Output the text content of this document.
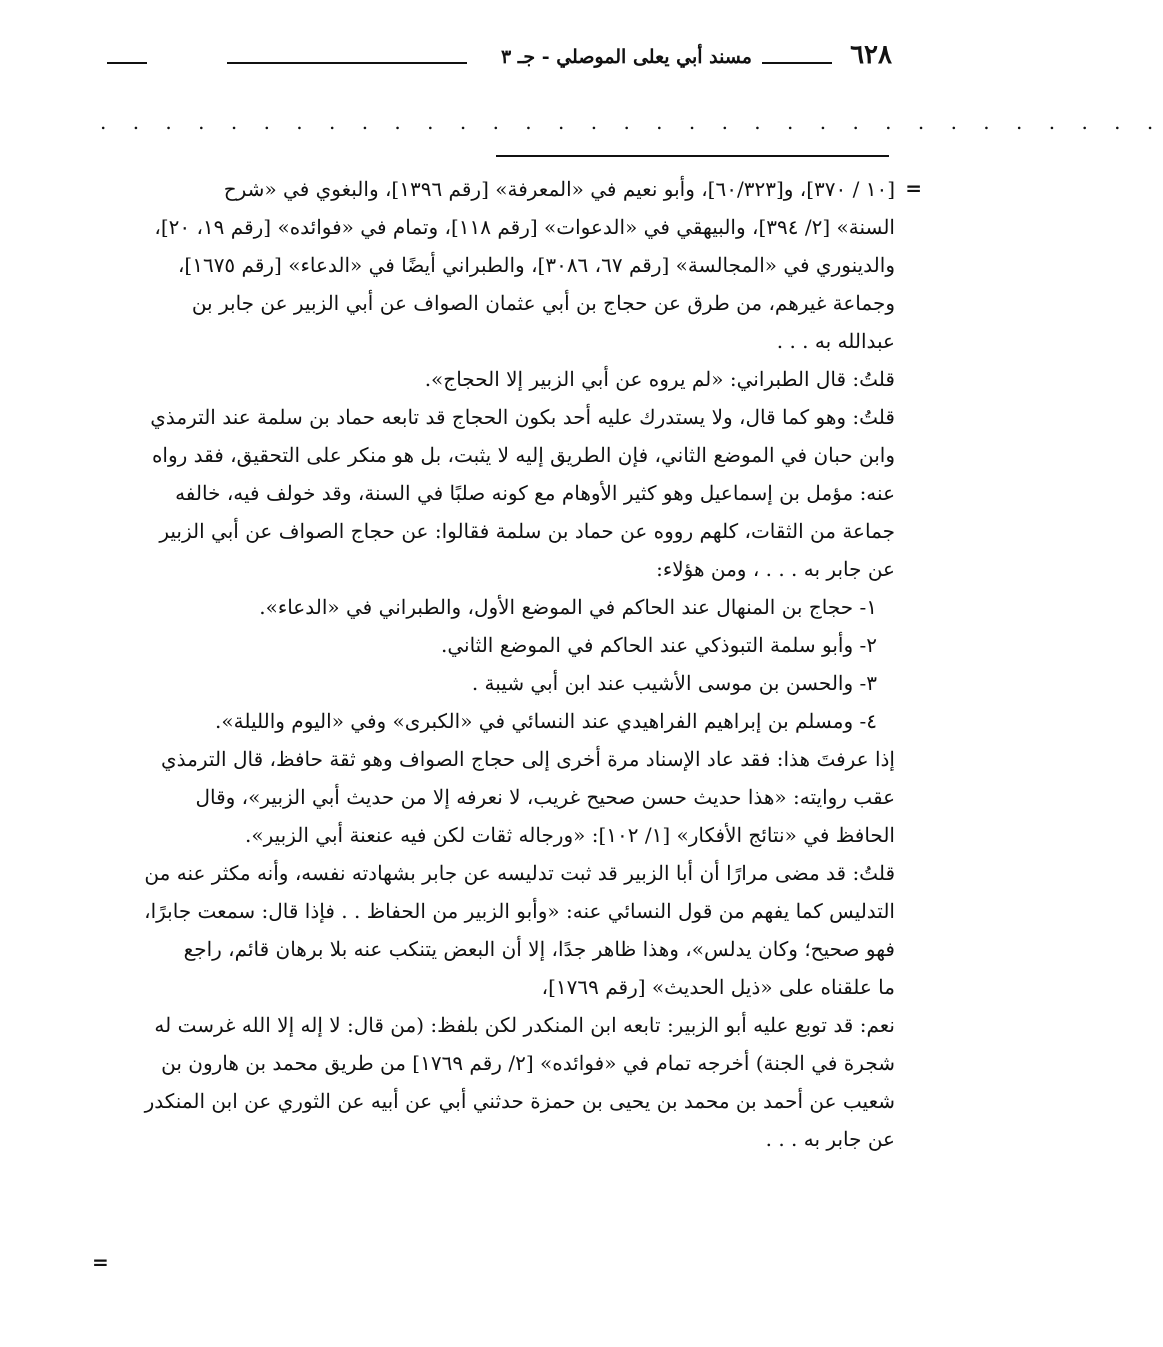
٦٢٨
مسند أبي يعلى الموصلي - جـ ٣
. . . . . . . . . . . . . . . . . . . . . . . . . . . . . . . . .
=
[١٠ / ٣٧٠]، و[٦٠/٣٢٣]، وأبو نعيم في «المعرفة» [رقم ١٣٩٦]، والبغوي في «شرح
السنة» [٢/ ٣٩٤]، والبيهقي في «الدعوات» [رقم ١١٨]، وتمام في «فوائده» [رقم ١٩، ٢٠]،
والدينوري في «المجالسة» [رقم ٦٧، ٣٠٨٦]، والطبراني أيضًا في «الدعاء» [رقم ١٦٧٥]،
وجماعة غيرهم، من طرق عن حجاج بن أبي عثمان الصواف عن أبي الزبير عن جابر بن
عبدالله به . . .
قلتُ: قال الطبراني: «لم يروه عن أبي الزبير إلا الحجاج».
قلتُ: وهو كما قال، ولا يستدرك عليه أحد بكون الحجاج قد تابعه حماد بن سلمة عند الترمذي
وابن حبان في الموضع الثاني، فإن الطريق إليه لا يثبت، بل هو منكر على التحقيق، فقد رواه
عنه: مؤمل بن إسماعيل وهو كثير الأوهام مع كونه صلبًا في السنة، وقد خولف فيه، خالفه
جماعة من الثقات، كلهم رووه عن حماد بن سلمة فقالوا: عن حجاج الصواف عن أبي الزبير
عن جابر به . . . ، ومن هؤلاء:
١- حجاج بن المنهال عند الحاكم في الموضع الأول، والطبراني في «الدعاء».
٢- وأبو سلمة التبوذكي عند الحاكم في الموضع الثاني.
٣- والحسن بن موسى الأشيب عند ابن أبي شيبة .
٤- ومسلم بن إبراهيم الفراهيدي عند النسائي في «الكبرى» وفي «اليوم والليلة».
إذا عرفتَ هذا: فقد عاد الإسناد مرة أخرى إلى حجاج الصواف وهو ثقة حافظ، قال الترمذي
عقب روايته: «هذا حديث حسن صحيح غريب، لا نعرفه إلا من حديث أبي الزبير»، وقال
الحافظ في «نتائج الأفكار» [١/ ١٠٢]: «ورجاله ثقات لكن فيه عنعنة أبي الزبير».
قلتُ: قد مضى مرارًا أن أبا الزبير قد ثبت تدليسه عن جابر بشهادته نفسه، وأنه مكثر عنه من
التدليس كما يفهم من قول النسائي عنه: «وأبو الزبير من الحفاظ . . فإذا قال: سمعت جابرًا،
فهو صحيح؛ وكان يدلس»، وهذا ظاهر جدًا، إلا أن البعض يتنكب عنه بلا برهان قائم، راجع
ما علقناه على «ذيل الحديث» [رقم ١٧٦٩]،
نعم: قد توبع عليه أبو الزبير: تابعه ابن المنكدر لكن بلفظ: (من قال: لا إله إلا الله غرست له
شجرة في الجنة) أخرجه تمام في «فوائده» [٢/ رقم ١٧٦٩] من طريق محمد بن هارون بن
شعيب عن أحمد بن محمد بن يحيى بن حمزة حدثني أبي عن أبيه عن الثوري عن ابن المنكدر
عن جابر به . . .
=
